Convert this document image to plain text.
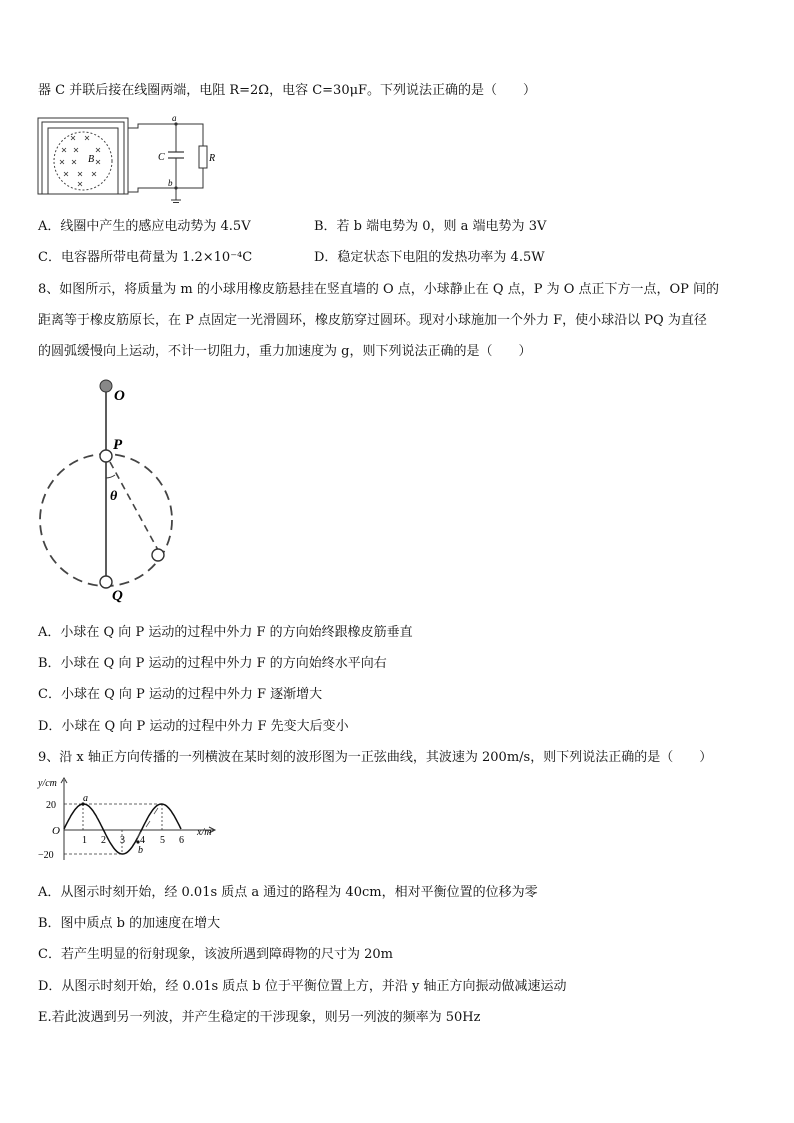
器 C 并联后接在线圈两端，电阻 R=2Ω，电容 C=30μF。下列说法正确的是（　　）
B
a
b
C	R
A．线圈中产生的感应电动势为 4.5V	B．若 b 端电势为 0，则 a 端电势为 3V
C．电容器所带电荷量为 1.2×10⁻⁴C	D．稳定状态下电阻的发热功率为 4.5W
8、如图所示，将质量为 m 的小球用橡皮筋悬挂在竖直墙的 O 点，小球静止在 Q 点，P 为 O 点正下方一点，OP 间的
距离等于橡皮筋原长，在 P 点固定一光滑圆环，橡皮筋穿过圆环。现对小球施加一个外力 F，使小球沿以 PQ 为直径
的圆弧缓慢向上运动，不计一切阻力，重力加速度为 g，则下列说法正确的是（　　）
O
P
θ
Q
A．小球在 Q 向 P 运动的过程中外力 F 的方向始终跟橡皮筋垂直
B．小球在 Q 向 P 运动的过程中外力 F 的方向始终水平向右
C．小球在 Q 向 P 运动的过程中外力 F 逐渐增大
D．小球在 Q 向 P 运动的过程中外力 F 先变大后变小
9、沿 x 轴正方向传播的一列横波在某时刻的波形图为一正弦曲线，其波速为 200m/s，则下列说法正确的是（　　）
y/cm
20
−20
O
1 2 3 4 5 6
x/m
a
b
A．从图示时刻开始，经 0.01s 质点 a 通过的路程为 40cm，相对平衡位置的位移为零
B．图中质点 b 的加速度在增大
C．若产生明显的衍射现象，该波所遇到障碍物的尺寸为 20m
D．从图示时刻开始，经 0.01s 质点 b 位于平衡位置上方，并沿 y 轴正方向振动做减速运动
E.若此波遇到另一列波，并产生稳定的干涉现象，则另一列波的频率为 50Hz
